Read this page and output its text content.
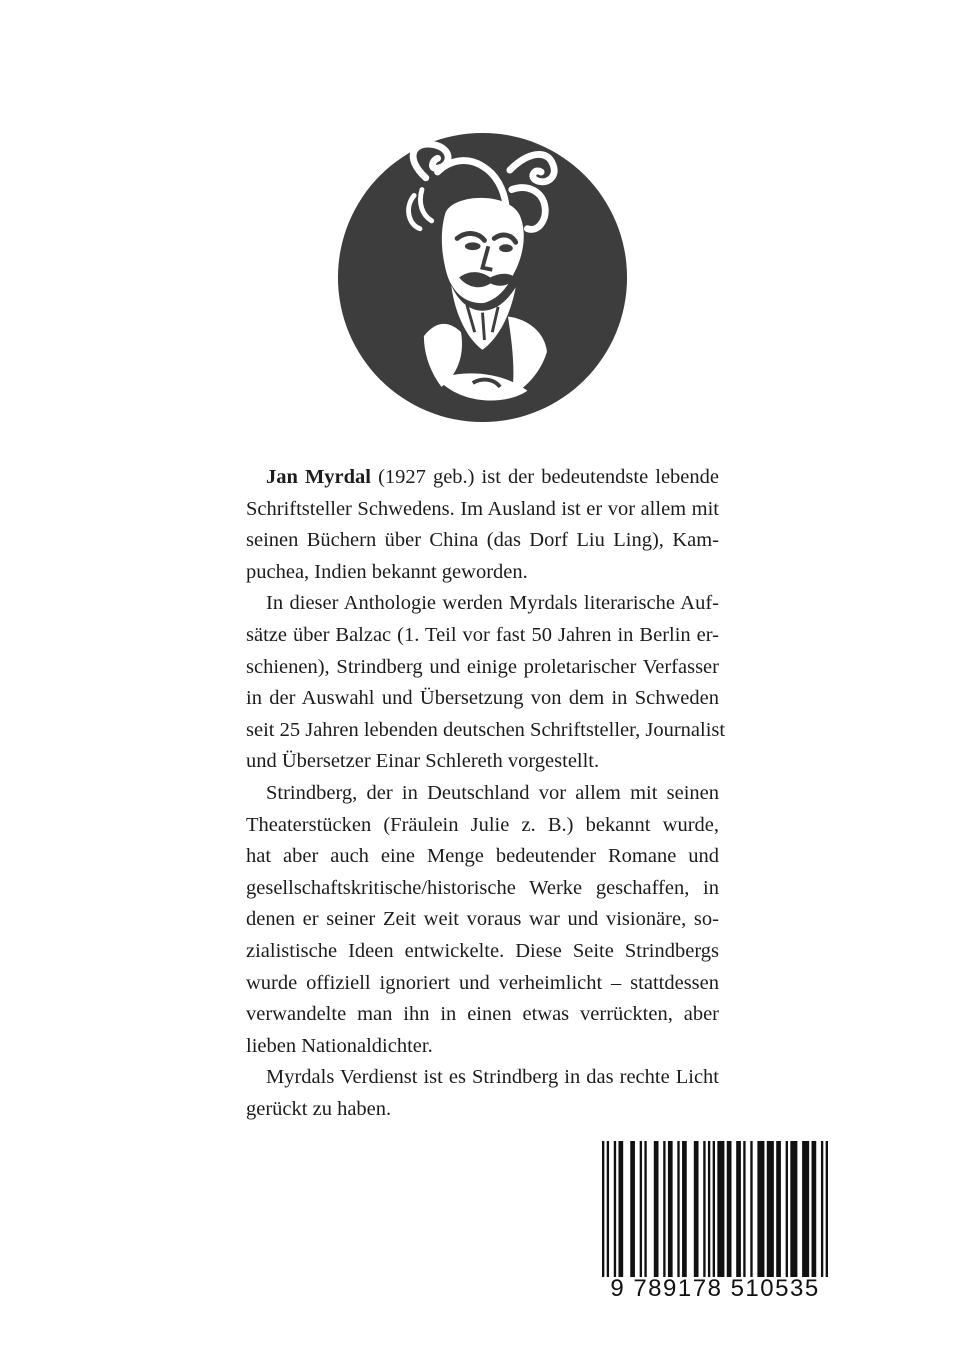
Jan Myrdal (1927 geb.) ist der bedeutendste lebende
Schriftsteller Schwedens. Im Ausland ist er vor allem mit
seinen Büchern über China (das Dorf Liu Ling), Kam-
puchea, Indien bekannt geworden.

In dieser Anthologie werden Myrdals literarische Auf-
sätze über Balzac (1. Teil vor fast 50 Jahren in Berlin er-
schienen), Strindberg und einige proletarischer Verfasser
in der Auswahl und Übersetzung von dem in Schweden
seit 25 Jahren lebenden deutschen Schriftsteller, Journalist
und Übersetzer Einar Schlereth vorgestellt.

Strindberg, der in Deutschland vor allem mit seinen
Theaterstücken (Fräulein Julie z. B.) bekannt wurde,
hat aber auch eine Menge bedeutender Romane und
gesellschaftskritische/historische Werke geschaffen, in
denen er seiner Zeit weit voraus war und visionäre, so-
zialistische Ideen entwickelte. Diese Seite Strindbergs
wurde offiziell ignoriert und verheimlicht – stattdessen
verwandelte man ihn in einen etwas verrückten, aber
lieben Nationaldichter.

Myrdals Verdienst ist es Strindberg in das rechte Licht
gerückt zu haben.

9 789178 510535
